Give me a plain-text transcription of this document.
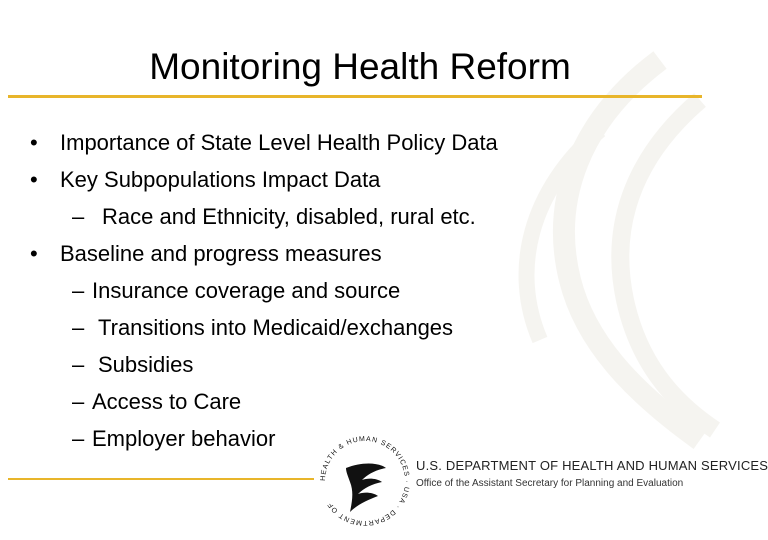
Monitoring Health Reform
•	Importance of State Level Health Policy Data
•	Key Subpopulations Impact Data
– Race and Ethnicity, disabled, rural etc.
•	Baseline and progress measures
– Insurance coverage and source
– Transitions into Medicaid/exchanges
– Subsidies
– Access to Care
– Employer behavior
HEALTH & HUMAN SERVICES · USA · DEPARTMENT OF
U.S. DEPARTMENT OF HEALTH AND HUMAN SERVICES
Office of the Assistant Secretary for Planning and Evaluation
